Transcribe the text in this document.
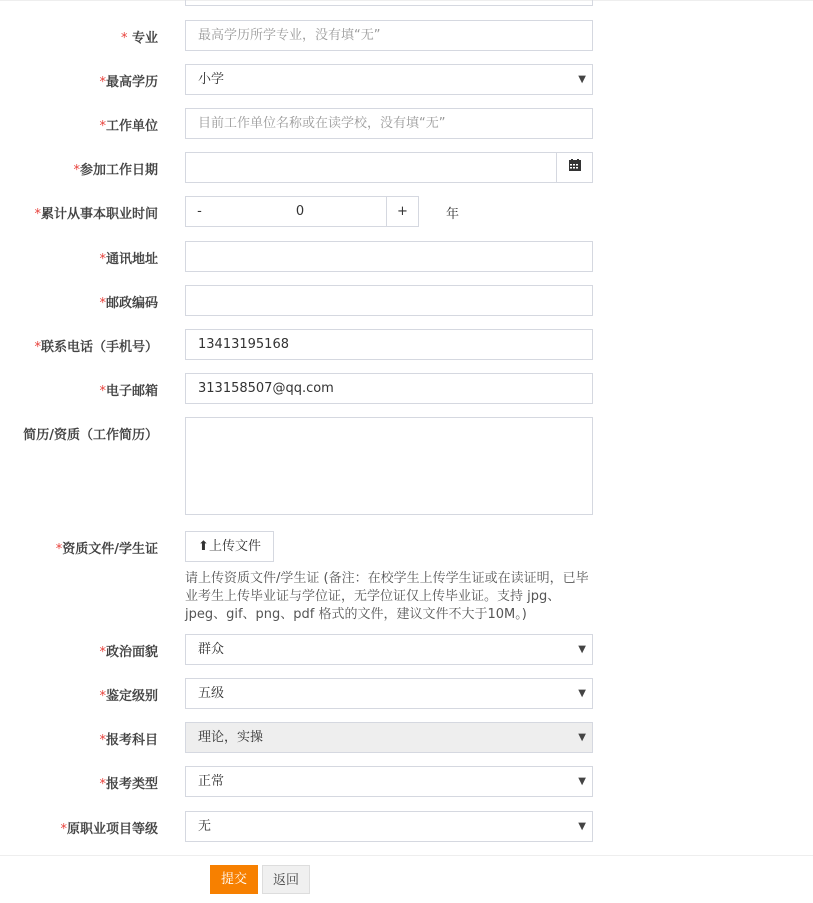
* 专业	最高学历所学专业，没有填“无”
*最高学历	小学	▼
*工作单位	目前工作单位名称或在读学校，没有填“无”
*参加工作日期
*累计从事本职业时间	-	0	+	年
*通讯地址
*邮政编码
*联系电话（手机号）	13413195168
*电子邮箱	313158507@qq.com
简历/资质（工作简历）
*资质文件/学生证	⬆上传文件
请上传资质文件/学生证 (备注：在校学生上传学生证或在读证明，已毕业考生上传毕业证与学位证，无学位证仅上传毕业证。支持 jpg、jpeg、gif、png、pdf 格式的文件，建议文件不大于10M。)
*政治面貌	群众	▼
*鉴定级别	五级	▼
*报考科目	理论，实操	▼
*报考类型	正常	▼
*原职业项目等级	无	▼
提交	返回
